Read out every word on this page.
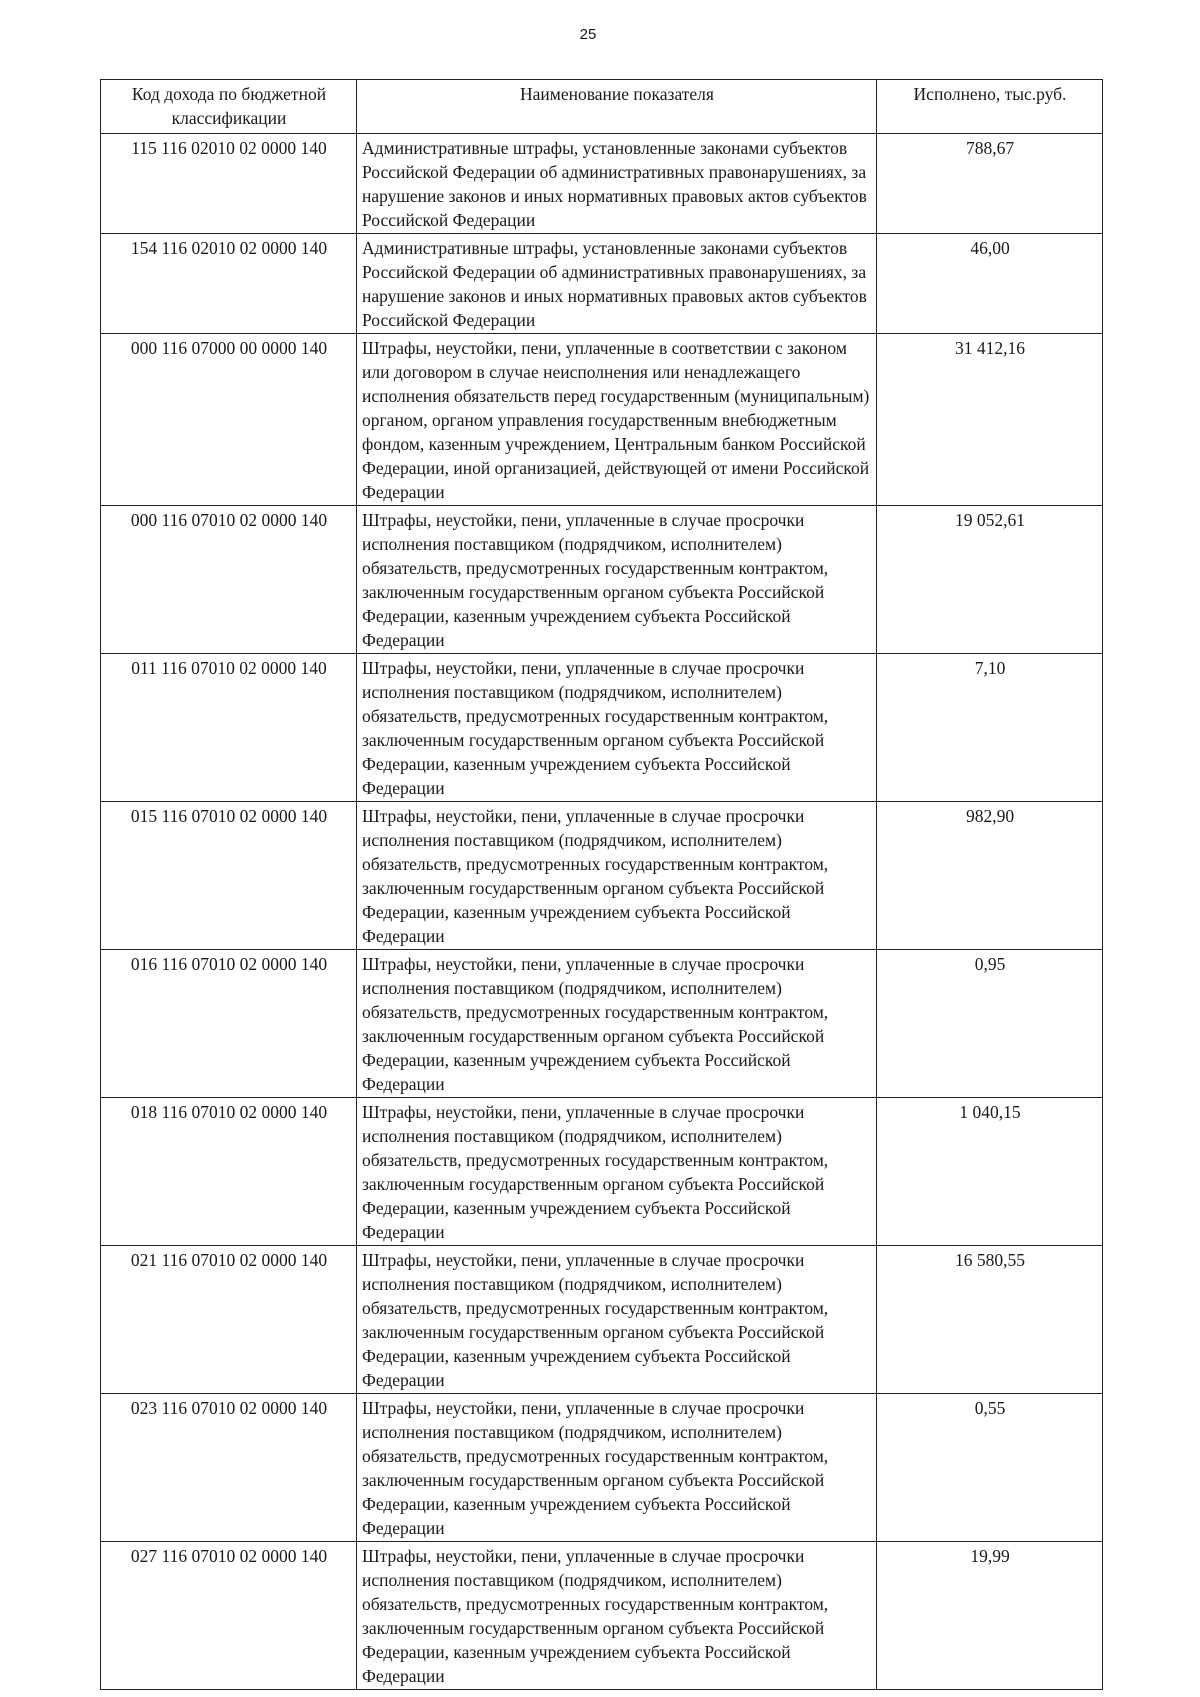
25
Код дохода по бюджетной классификации	Наименование показателя	Исполнено, тыс.руб.
115 116 02010 02 0000 140	Административные штрафы, установленные законами субъектов Российской Федерации об административных правонарушениях, за нарушение законов и иных нормативных правовых актов субъектов Российской Федерации	788,67
154 116 02010 02 0000 140	Административные штрафы, установленные законами субъектов Российской Федерации об административных правонарушениях, за нарушение законов и иных нормативных правовых актов субъектов Российской Федерации	46,00
000 116 07000 00 0000 140	Штрафы, неустойки, пени, уплаченные в соответствии с законом или договором в случае неисполнения или ненадлежащего исполнения обязательств перед государственным (муниципальным) органом, органом управления государственным внебюджетным фондом, казенным учреждением, Центральным банком Российской Федерации, иной организацией, действующей от имени Российской Федерации	31 412,16
000 116 07010 02 0000 140	Штрафы, неустойки, пени, уплаченные в случае просрочки исполнения поставщиком (подрядчиком, исполнителем) обязательств, предусмотренных государственным контрактом, заключенным государственным органом субъекта Российской Федерации, казенным учреждением субъекта Российской Федерации	19 052,61
011 116 07010 02 0000 140	Штрафы, неустойки, пени, уплаченные в случае просрочки исполнения поставщиком (подрядчиком, исполнителем) обязательств, предусмотренных государственным контрактом, заключенным государственным органом субъекта Российской Федерации, казенным учреждением субъекта Российской Федерации	7,10
015 116 07010 02 0000 140	Штрафы, неустойки, пени, уплаченные в случае просрочки исполнения поставщиком (подрядчиком, исполнителем) обязательств, предусмотренных государственным контрактом, заключенным государственным органом субъекта Российской Федерации, казенным учреждением субъекта Российской Федерации	982,90
016 116 07010 02 0000 140	Штрафы, неустойки, пени, уплаченные в случае просрочки исполнения поставщиком (подрядчиком, исполнителем) обязательств, предусмотренных государственным контрактом, заключенным государственным органом субъекта Российской Федерации, казенным учреждением субъекта Российской Федерации	0,95
018 116 07010 02 0000 140	Штрафы, неустойки, пени, уплаченные в случае просрочки исполнения поставщиком (подрядчиком, исполнителем) обязательств, предусмотренных государственным контрактом, заключенным государственным органом субъекта Российской Федерации, казенным учреждением субъекта Российской Федерации	1 040,15
021 116 07010 02 0000 140	Штрафы, неустойки, пени, уплаченные в случае просрочки исполнения поставщиком (подрядчиком, исполнителем) обязательств, предусмотренных государственным контрактом, заключенным государственным органом субъекта Российской Федерации, казенным учреждением субъекта Российской Федерации	16 580,55
023 116 07010 02 0000 140	Штрафы, неустойки, пени, уплаченные в случае просрочки исполнения поставщиком (подрядчиком, исполнителем) обязательств, предусмотренных государственным контрактом, заключенным государственным органом субъекта Российской Федерации, казенным учреждением субъекта Российской Федерации	0,55
027 116 07010 02 0000 140	Штрафы, неустойки, пени, уплаченные в случае просрочки исполнения поставщиком (подрядчиком, исполнителем) обязательств, предусмотренных государственным контрактом, заключенным государственным органом субъекта Российской Федерации, казенным учреждением субъекта Российской Федерации	19,99
